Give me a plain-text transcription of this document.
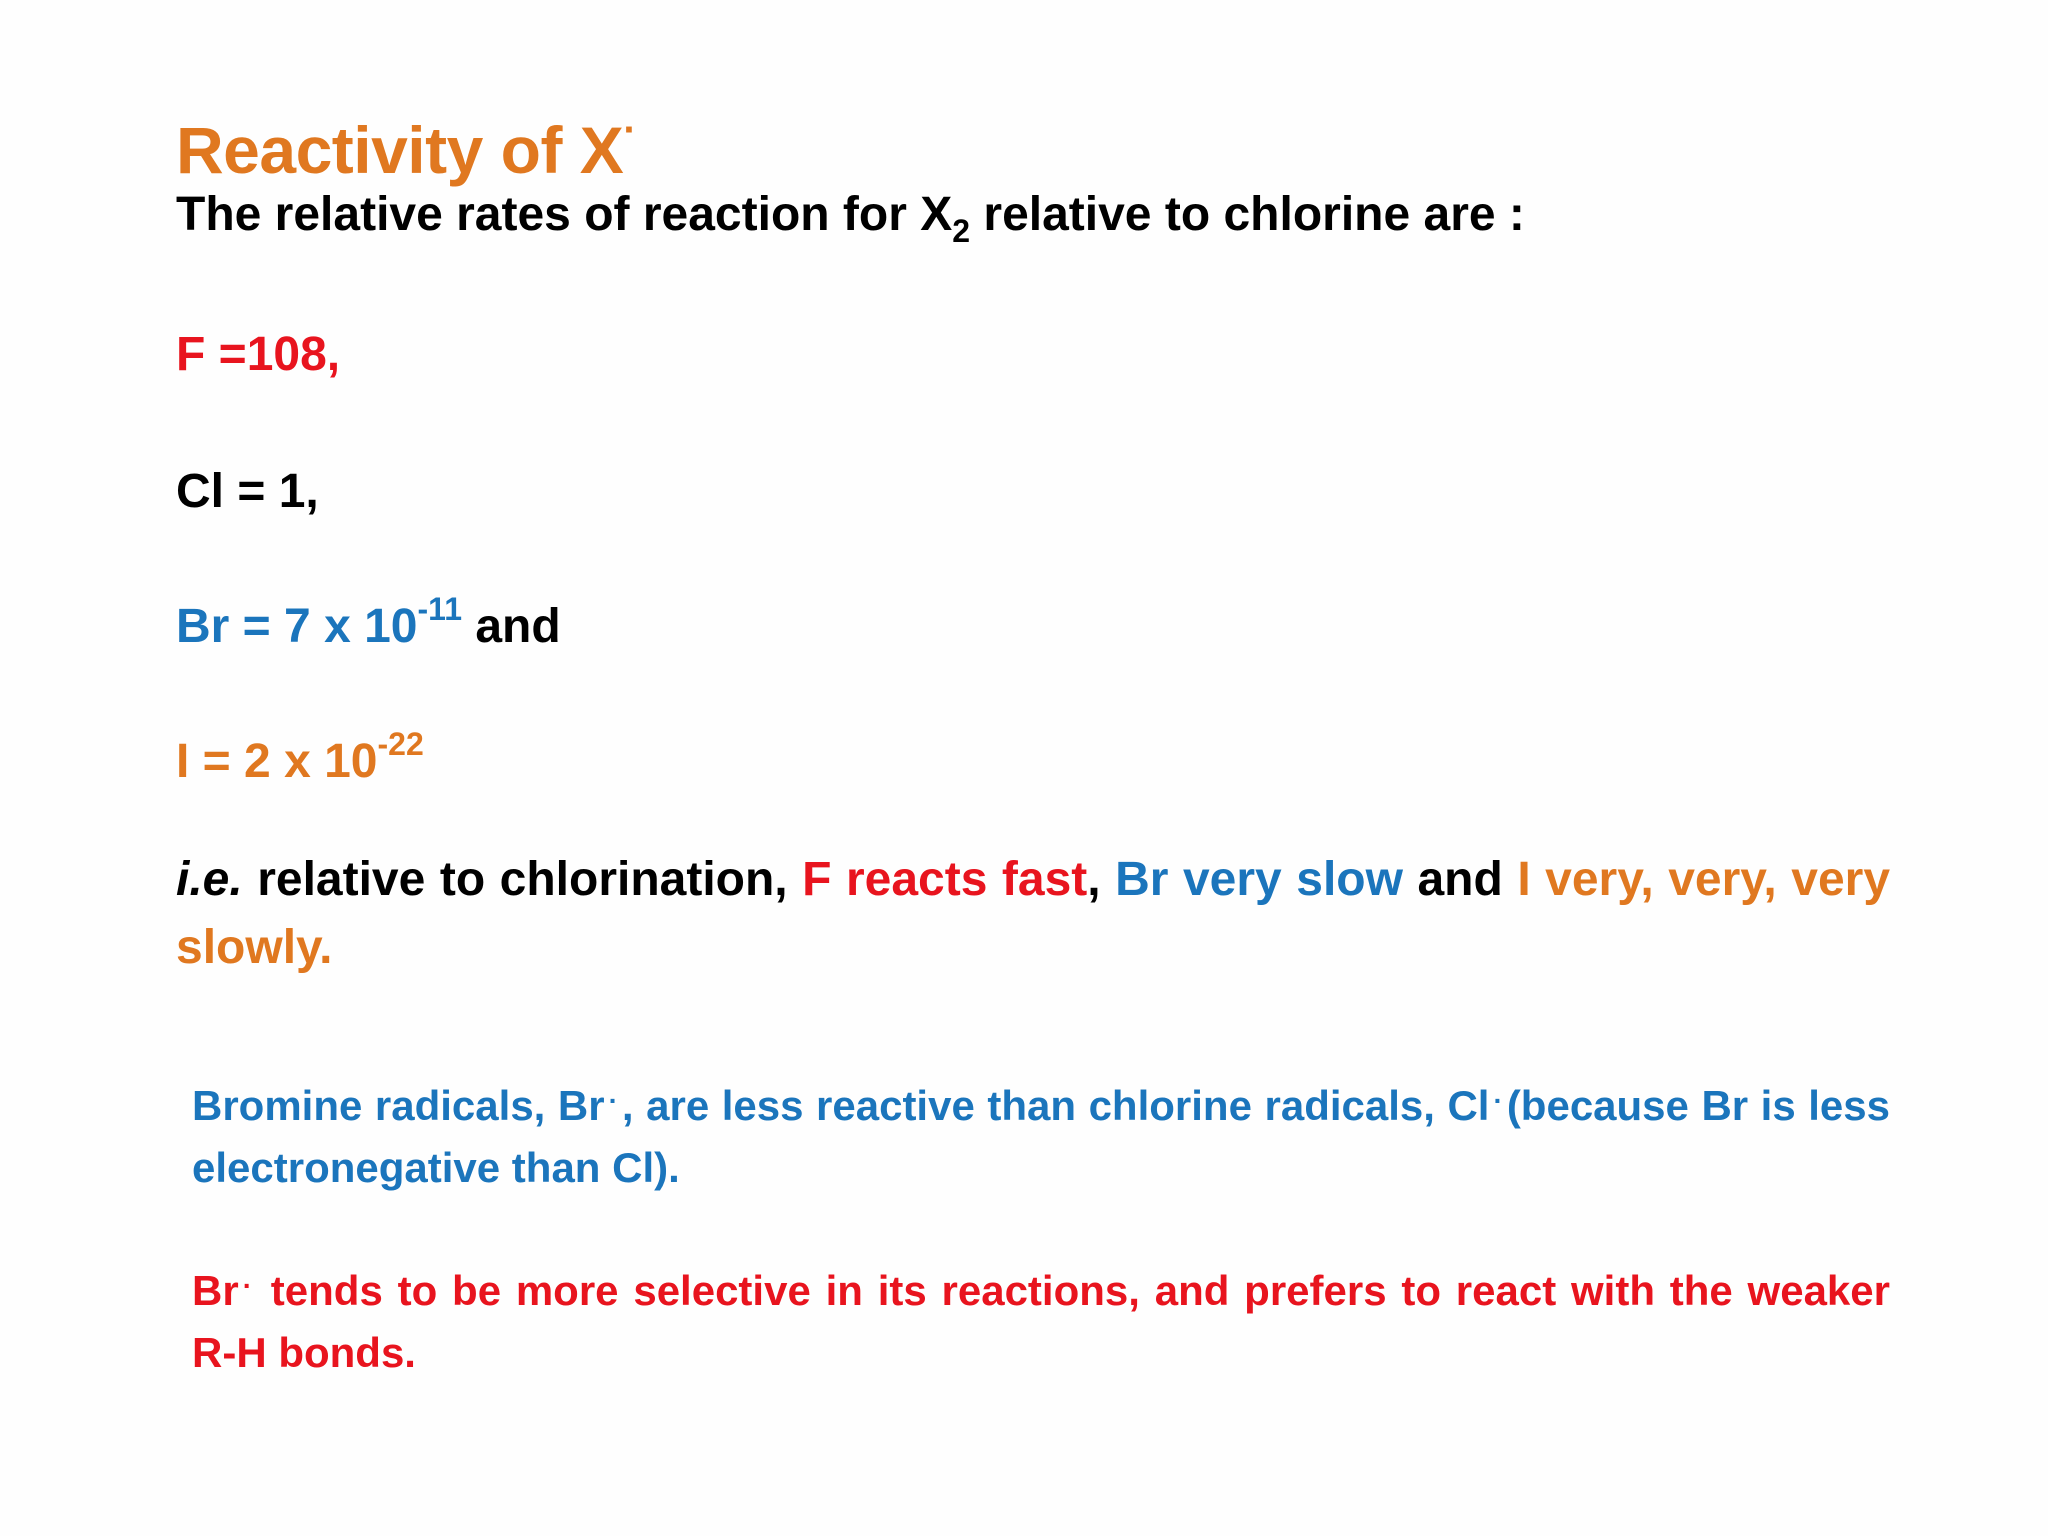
Reactivity of X·
The relative rates of reaction for $X_2$ relative to chlorine are :
F =108,
Cl = 1,
Br = 7 x $10^{-11}$ and
I = 2 x $10^{-22}$
i.e. relative to chlorination, F reacts fast, Br very slow and I very, very, very slowly.
Bromine radicals, Br ·, are less reactive than chlorine radicals, Cl ·(because Br is less electronegative than Cl).
Br · tends to be more selective in its reactions, and prefers to react with the weaker R-H bonds.
